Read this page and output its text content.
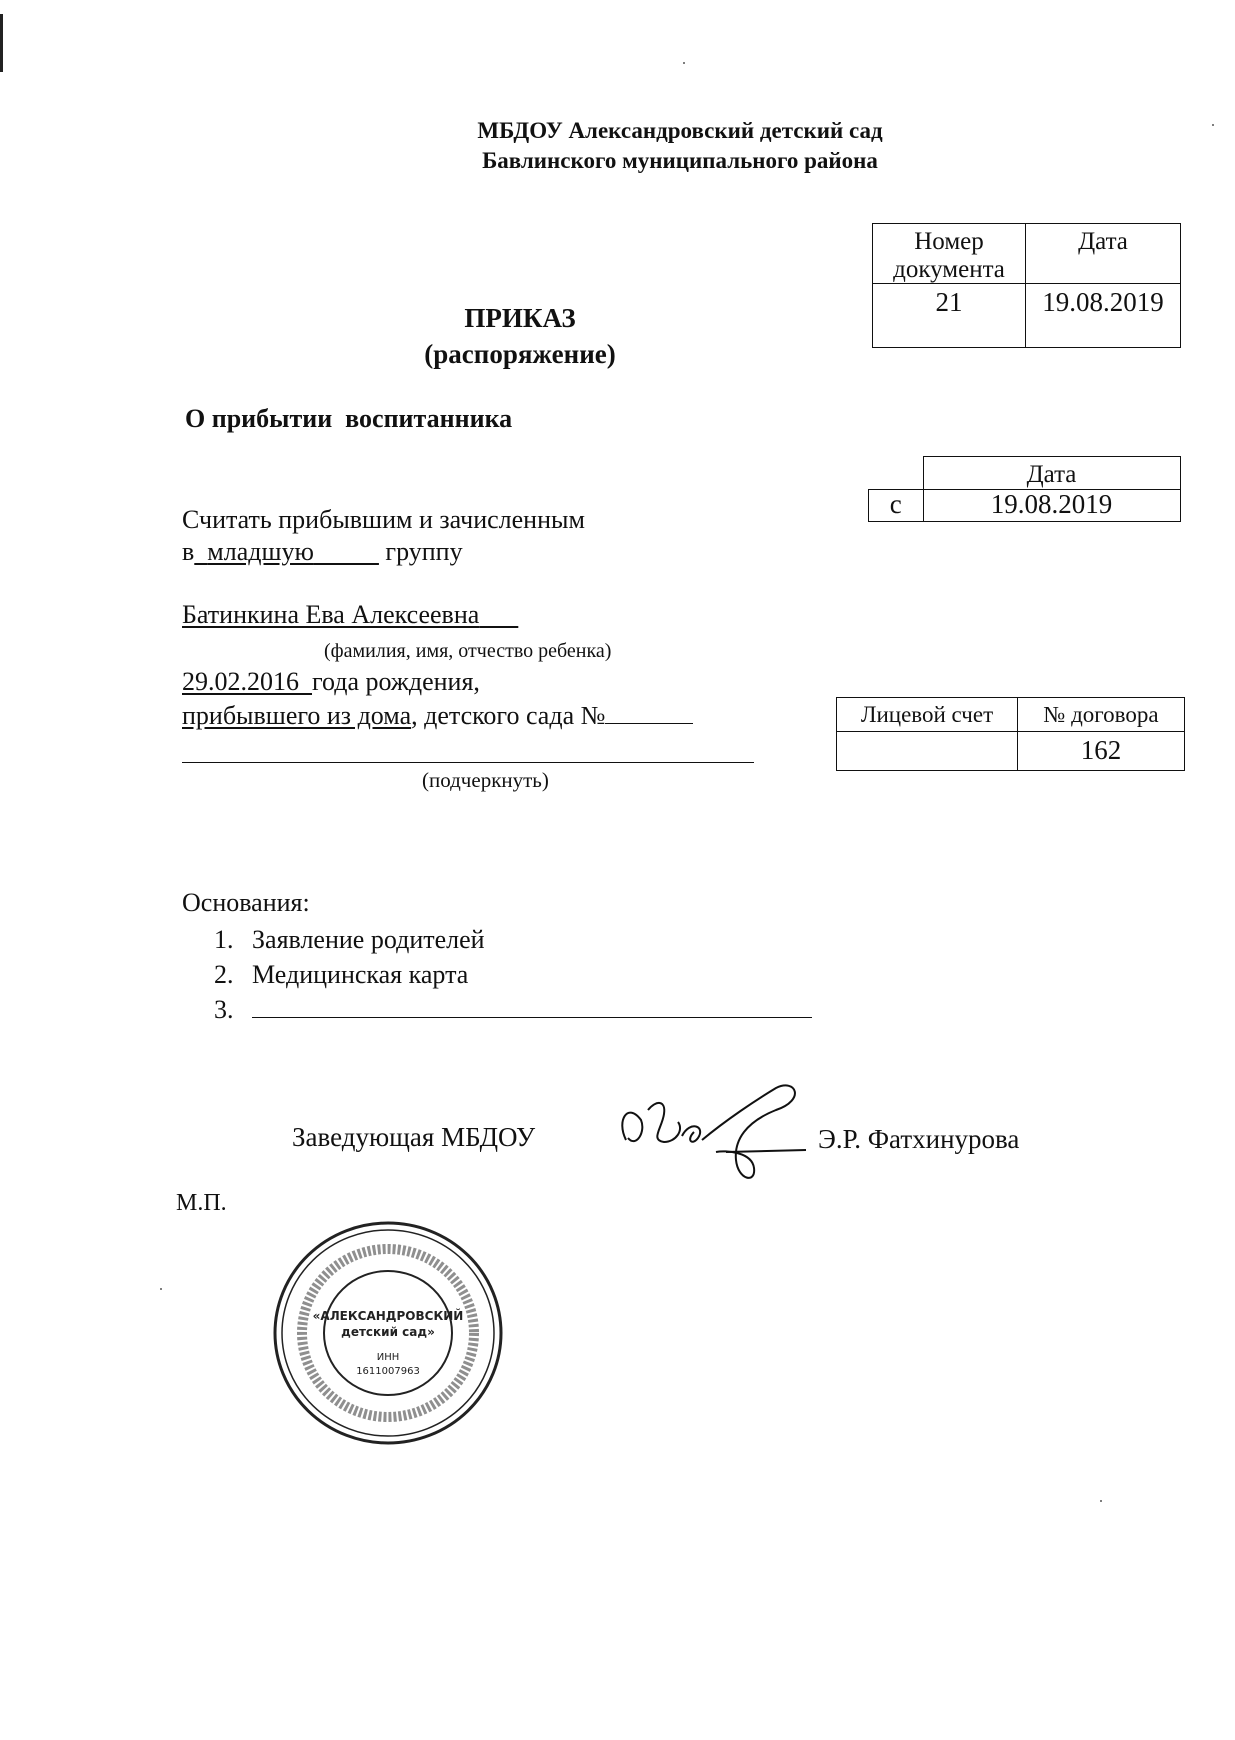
МБДОУ Александровский детский сад
Бавлинского муниципального района
Номер документа	Дата
21	19.08.2019
ПРИКАЗ
(распоряжение)
О прибытии  воспитанника
	Дата
с	19.08.2019
Считать прибывшим и зачисленным
в младшую	группу
Батинкина Ева Алексеевна
(фамилия, имя, отчество ребенка)
29.02.2016 года рождения,
прибывшего из дома, детского сада №
(подчеркнуть)
Лицевой счет	№ договора
	162
Основания:
1. Заявление родителей
2. Медицинская карта
3.
Заведующая МБДОУ	Э.Р. Фатхинурова
М.П.
«АЛЕКСАНДРОВСКИЙ
детский сад»
ИНН
1611007963
